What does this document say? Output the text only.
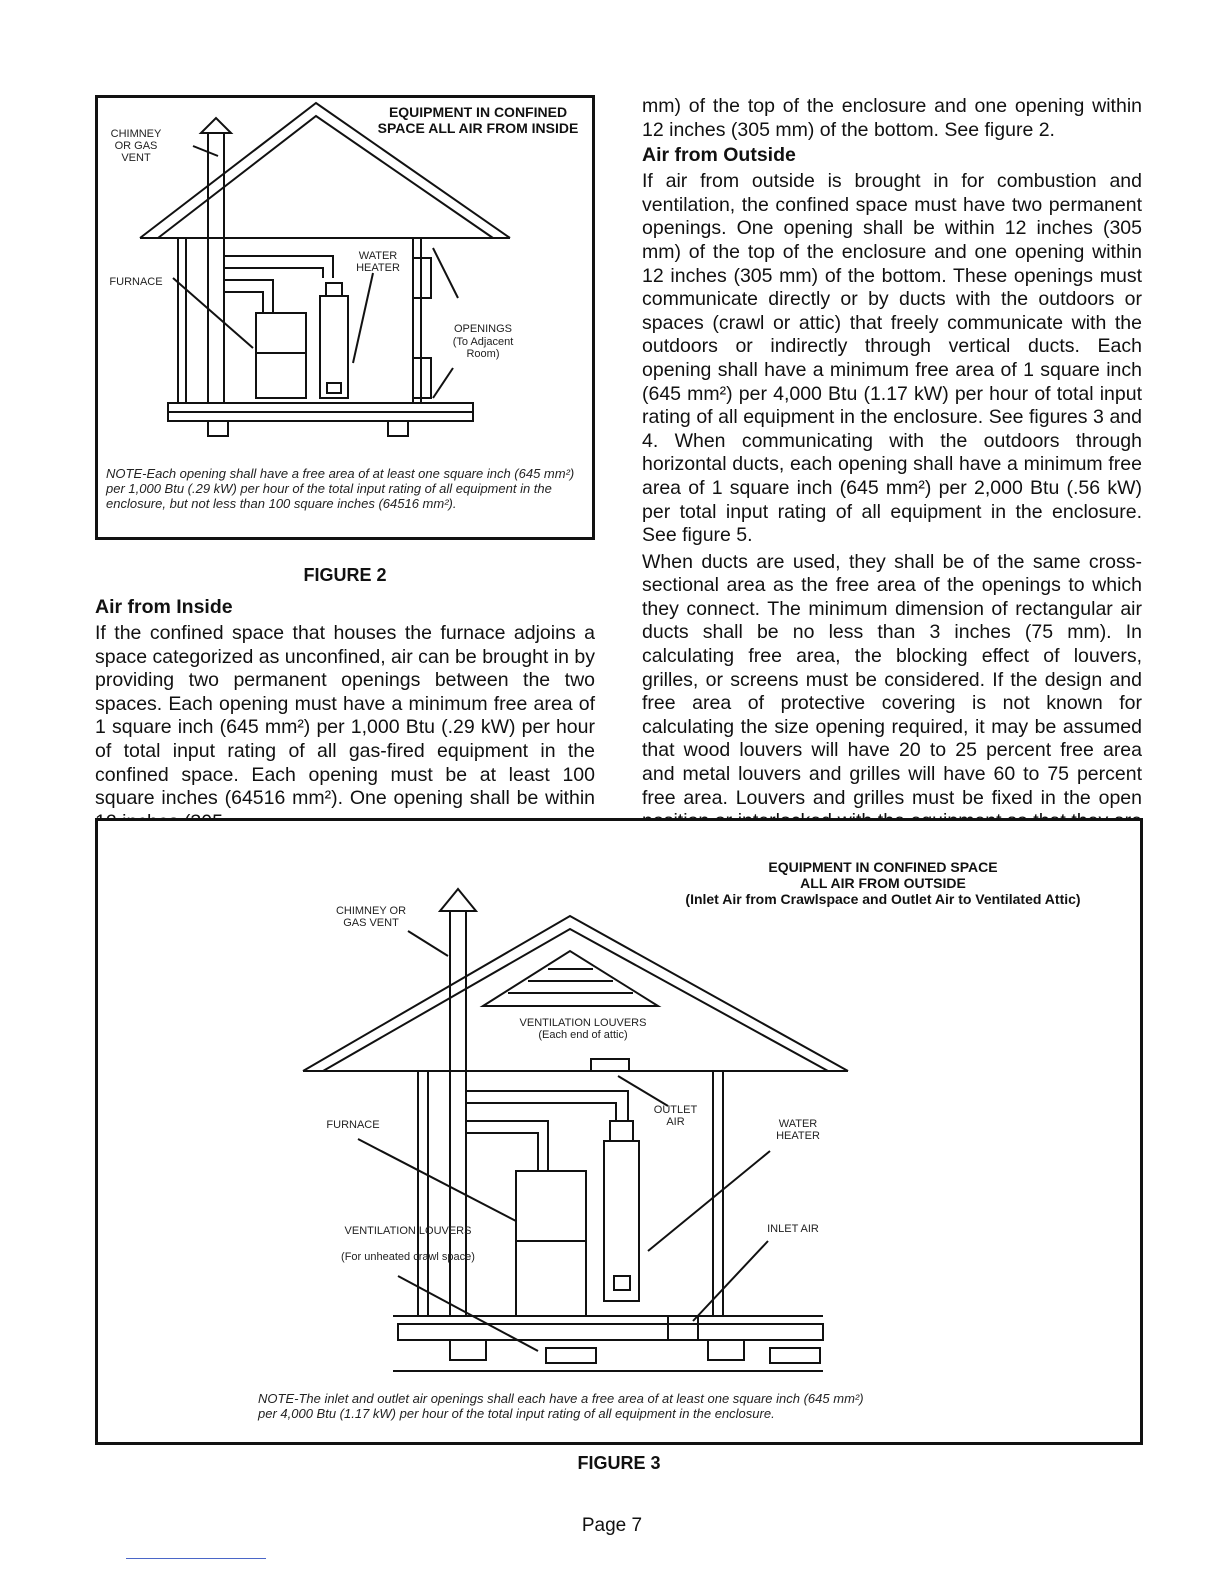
EQUIPMENT IN CONFINED
SPACE ALL AIR FROM INSIDE
CHIMNEY OR GAS VENT
WATER HEATER
FURNACE
OPENINGS
(To Adjacent Room)
NOTE-Each opening shall have a free area of at least one square inch (645 mm²) per 1,000 Btu (.29 kW) per hour of the total input rating of all equipment in the enclosure, but not less than 100 square inches (64516 mm²).
FIGURE 2

Air from Inside

If the confined space that houses the furnace adjoins a space categorized as unconfined, air can be brought in by providing two permanent openings between the two spaces. Each opening must have a minimum free area of 1 square inch (645 mm²) per 1,000 Btu (.29 kW) per hour of total input rating of all gas-fired equipment in the confined space. Each opening must be at least 100 square inches (64516 mm²). One opening shall be within

mm) of the top of the enclosure and one opening within 12 inches (305 mm) of the bottom. See figure 2.

Air from Outside

If air from outside is brought in for combustion and ventilation, the confined space must have two permanent openings. One opening shall be within 12 inches (305 mm) of the top of the enclosure and one opening within 12 inches (305 mm) of the bottom. These openings must communicate directly or by ducts with the outdoors or spaces (crawl or attic) that freely communicate with the outdoors or indirectly through vertical ducts. Each opening shall have a minimum free area of 1 square inch (645 mm²) per 4,000 Btu (1.17 kW) per hour of total input rating of all equipment in the enclosure. See figures 3 and 4. When communicating with the outdoors through horizontal ducts, each opening shall have a minimum free area of 1 square inch (645 mm²) per 2,000 Btu (.56 kW) per total input rating of all equipment in the enclosure. See figure 5.

When ducts are used, they shall be of the same cross-sectional area as the free area of the openings to which they connect. The minimum dimension of rectangular air ducts shall be no less than 3 inches (75 mm). In calculating free area, the blocking effect of louvers, grilles, or screens must be considered. If the design and free area of protective covering is not known for calculating the size opening required, it may be assumed that wood louvers will have 20 to 25 percent free area and metal louvers and grilles will have 60 to 75 percent free area. Louvers and grilles must be fixed in the open

EQUIPMENT IN CONFINED SPACE
ALL AIR FROM OUTSIDE
(Inlet Air from Crawlspace and Outlet Air to Ventilated Attic)
CHIMNEY OR GAS VENT
VENTILATION LOUVERS
(Each end of attic)
OUTLET AIR
FURNACE	WATER HEATER
VENTILATION LOUVERS
(For unheated crawl space)
INLET AIR
NOTE-The inlet and outlet air openings shall each have a free area of at least one square inch (645 mm²)
per 4,000 Btu (1.17 kW) per hour of the total input rating of all equipment in the enclosure.
FIGURE 3
Page 7
